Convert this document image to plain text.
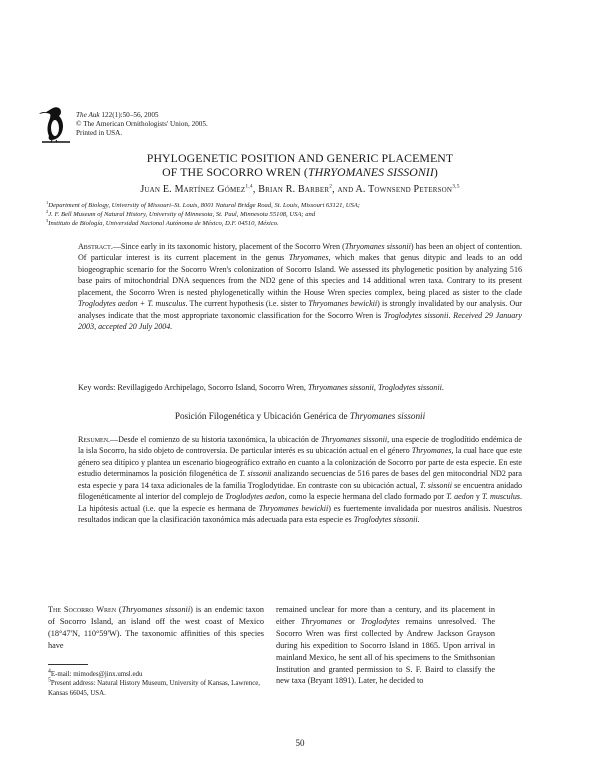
The Auk 122(1):50–56, 2005
© The American Ornithologists' Union, 2005.
Printed in USA.
PHYLOGENETIC POSITION AND GENERIC PLACEMENT
OF THE SOCORRO WREN (THRYOMANES SISSONII)
Juan E. Martínez Gómez$^{1,4}$, Brian R. Barber$^2$, and A. Townsend Peterson$^{3,5}$
$^1$Department of Biology, University of Missouri–St. Louis, 8001 Natural Bridge Road, St. Louis, Missouri 63121, USA;
$^2$J. F. Bell Museum of Natural History, University of Minnesota, St. Paul, Minnesota 55108, USA; and
$^3$Instituto de Biología, Universidad Nacional Autónoma de México, D.F. 04510, México.
Abstract.—Since early in its taxonomic history, placement of the Socorro Wren (Thryomanes sissonii) has been an object of contention. Of particular interest is its current placement in the genus Thryomanes, which makes that genus ditypic and leads to an odd biogeographic scenario for the Socorro Wren's colonization of Socorro Island. We assessed its phylogenetic position by analyzing 516 base pairs of mitochondrial DNA sequences from the ND2 gene of this species and 14 additional wren taxa. Contrary to its present placement, the Socorro Wren is nested phylogenetically within the House Wren species complex, being placed as sister to the clade Troglodytes aedon + T. musculus. The current hypothesis (i.e. sister to Thryomanes bewickii) is strongly invalidated by our analysis. Our analyses indicate that the most appropriate taxonomic classification for the Socorro Wren is Troglodytes sissonii. Received 29 January 2003, accepted 20 July 2004.
Key words: Revillagigedo Archipelago, Socorro Island, Socorro Wren, Thryomanes sissonii, Troglodytes sissonii.
Posición Filogenética y Ubicación Genérica de Thryomanes sissonii
Resumen.—Desde el comienzo de su historia taxonómica, la ubicación de Thryomanes sissonii, una especie de troglodítido endémica de la isla Socorro, ha sido objeto de controversia. De particular interés es su ubicación actual en el género Thryomanes, la cual hace que este género sea ditípico y plantea un escenario biogeográfico extraño en cuanto a la colonización de Socorro por parte de esta especie. En este estudio determinamos la posición filogenética de T. sissonii analizando secuencias de 516 pares de bases del gen mitocondrial ND2 para esta especie y para 14 taxa adicionales de la familia Troglodytidae. En contraste con su ubicación actual, T. sissonii se encuentra anidado filogenéticamente al interior del complejo de Troglodytes aedon, como la especie hermana del clado formado por T. aedon y T. musculus. La hipótesis actual (i.e. que la especie es hermana de Thryomanes bewickii) es fuertemente invalidada por nuestros análisis. Nuestros resultados indican que la clasificación taxonómica más adecuada para esta especie es Troglodytes sissonii.
The Socorro Wren (Thryomanes sissonii) is an endemic taxon of Socorro Island, an island off the west coast of Mexico (18°47'N, 110°59'W). The taxonomic affinities of this species have
remained unclear for more than a century, and its placement in either Thryomanes or Troglodytes remains unresolved. The Socorro Wren was first collected by Andrew Jackson Grayson during his expedition to Socorro Island in 1865. Upon arrival in mainland Mexico, he sent all of his specimens to the Smithsonian Institution and granted permission to S. F. Baird to classify the new taxa (Bryant 1891). Later, he decided to
$^4$E-mail: mimodes@jinx.umsl.edu
$^5$Present address: Natural History Museum, University of Kansas, Lawrence, Kansas 66045, USA.
50
